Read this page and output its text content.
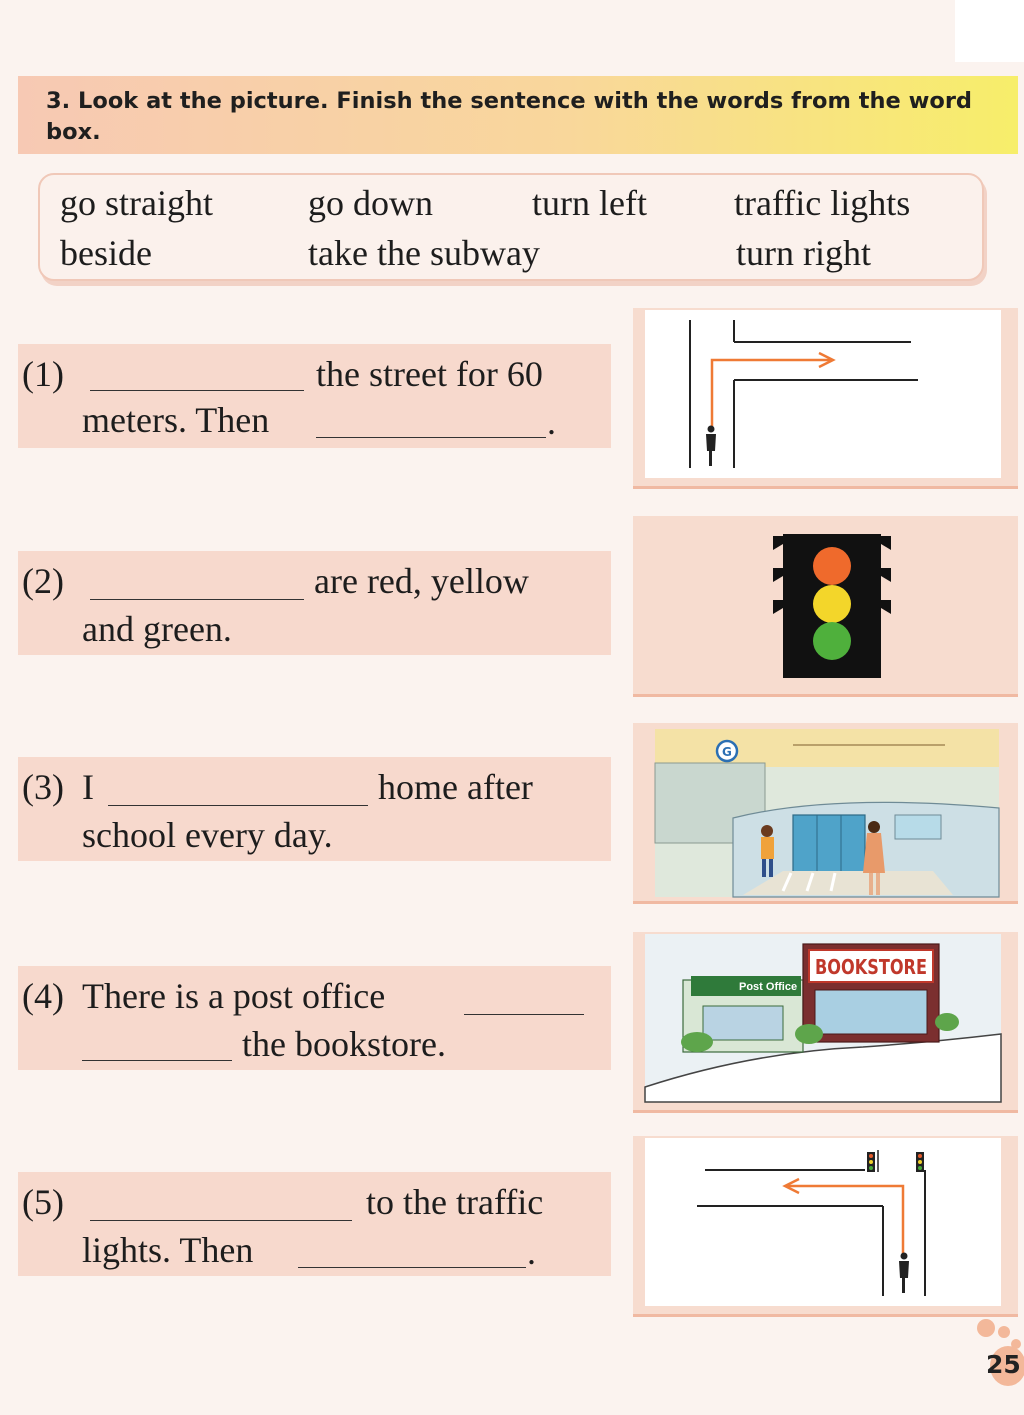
3. Look at the picture. Finish the sentence with the words from the word box.
go straight	go down	turn left traffic lights
beside	take the subway	turn right
(1)	the street for 60
meters. Then	.
(2)	are red, yellow
and green.
(3) I	home after
school every day.
(4) There is a post office
the bookstore.
(5)	to the traffic
lights. Then	.
G
Post Office
BOOKSTORE
25
